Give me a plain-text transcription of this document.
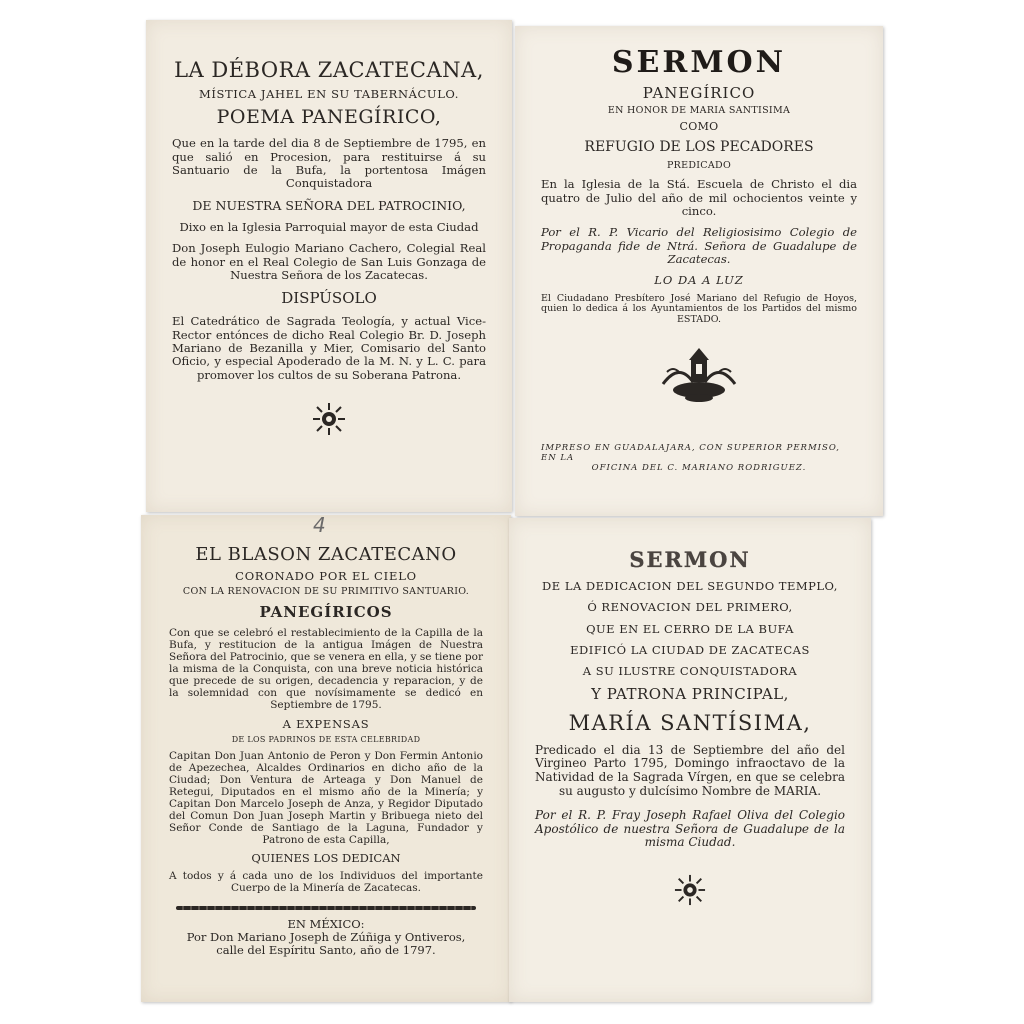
LA DÉBORA ZACATECANA,
MÍSTICA JAHEL EN SU TABERNÁCULO.
POEMA PANEGÍRICO,
Que en la tarde del dia 8 de Septiembre de 1795, en que salió en Procesion, para restituirse á su Santuario de la Bufa, la portentosa Imágen Conquistadora
DE NUESTRA SEÑORA DEL PATROCINIO,
Dixo en la Iglesia Parroquial mayor de esta Ciudad
Don Joseph Eulogio Mariano Cachero, Colegial Real de honor en el Real Colegio de San Luis Gonzaga de Nuestra Señora de los Zacatecas.
DISPÚSOLO
El Catedrático de Sagrada Teología, y actual Vice-Rector entónces de dicho Real Colegio Br. D. Joseph Mariano de Bezanilla y Mier, Comisario del Santo Oficio, y especial Apoderado de la M. N. y L. C. para promover los cultos de su Soberana Patrona.
SERMON
PANEGÍRICO
EN HONOR DE MARIA SANTISIMA
COMO
REFUGIO DE LOS PECADORES
PREDICADO
En la Iglesia de la Stá. Escuela de Christo el dia quatro de Julio del año de mil ochocientos veinte y cinco.
Por el R. P. Vicario del Religiosisimo Colegio de Propaganda fide de Ntrá. Señora de Guadalupe de Zacatecas.
LO DA A LUZ
El Ciudadano Presbítero José Mariano del Refugio de Hoyos, quien lo dedica á los Ayuntamientos de los Partidos del mismo ESTADO.
IMPRESO EN GUADALAJARA, CON SUPERIOR PERMISO, EN LA
OFICINA DEL C. MARIANO RODRIGUEZ.
4
EL BLASON ZACATECANO
CORONADO POR EL CIELO
CON LA RENOVACION DE SU PRIMITIVO SANTUARIO.
PANEGÍRICOS
Con que se celebró el restablecimiento de la Capilla de la Bufa, y restitucion de la antigua Imágen de Nuestra Señora del Patrocinio, que se venera en ella, y se tiene por la misma de la Conquista, con una breve noticia histórica que precede de su origen, decadencia y reparacion, y de la solemnidad con que novísimamente se dedicó en Septiembre de 1795.
A EXPENSAS
DE LOS PADRINOS DE ESTA CELEBRIDAD
Capitan Don Juan Antonio de Peron y Don Fermin Antonio de Apezechea, Alcaldes Ordinarios en dicho año de la Ciudad; Don Ventura de Arteaga y Don Manuel de Retegui, Diputados en el mismo año de la Minería; y Capitan Don Marcelo Joseph de Anza, y Regidor Diputado del Comun Don Juan Joseph Martin y Bribuega nieto del Señor Conde de Santiago de la Laguna, Fundador y Patrono de esta Capilla,
QUIENES LOS DEDICAN
A todos y á cada uno de los Individuos del importante Cuerpo de la Minería de Zacatecas.
EN MÉXICO:
Por Don Mariano Joseph de Zúñiga y Ontiveros,
calle del Espíritu Santo, año de 1797.
SERMON
DE LA DEDICACION DEL SEGUNDO TEMPLO,
Ó RENOVACION DEL PRIMERO,
QUE EN EL CERRO DE LA BUFA
EDIFICÓ LA CIUDAD DE ZACATECAS
A SU ILUSTRE CONQUISTADORA
Y PATRONA PRINCIPAL,
MARÍA SANTÍSIMA,
Predicado el dia 13 de Septiembre del año del Virgineo Parto 1795, Domingo infraoctavo de la Natividad de la Sagrada Vírgen, en que se celebra su augusto y dulcísimo Nombre de MARIA.
Por el R. P. Fray Joseph Rafael Oliva del Colegio Apostólico de nuestra Señora de Guadalupe de la misma Ciudad.
